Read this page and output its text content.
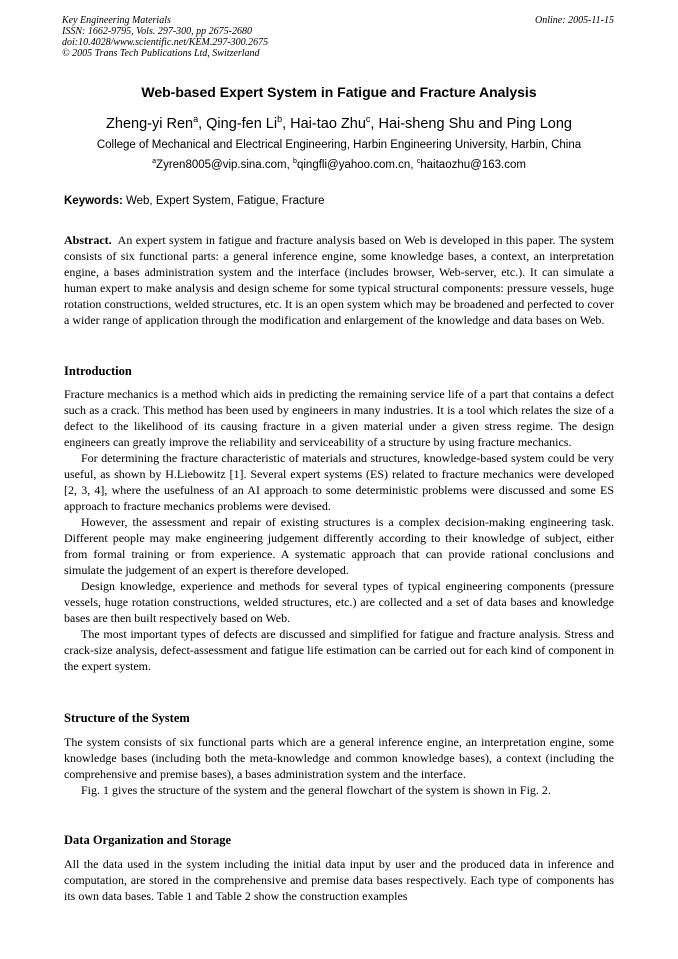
Key Engineering Materials
ISSN: 1662-9795, Vols. 297-300, pp 2675-2680
doi:10.4028/www.scientific.net/KEM.297-300.2675
© 2005 Trans Tech Publications Ltd, Switzerland
Online: 2005-11-15
Web-based Expert System in Fatigue and Fracture Analysis
Zheng-yi Ren$^a$, Qing-fen Li$^b$, Hai-tao Zhu$^c$, Hai-sheng Shu and Ping Long
College of Mechanical and Electrical Engineering, Harbin Engineering University, Harbin, China
$^a$Zyren8005@vip.sina.com, $^b$qingfli@yahoo.com.cn, $^c$haitaozhu@163.com
Keywords: Web, Expert System, Fatigue, Fracture
Abstract.  An expert system in fatigue and fracture analysis based on Web is developed in this paper. The system consists of six functional parts: a general inference engine, some knowledge bases, a context, an interpretation engine, a bases administration system and the interface (includes browser, Web-server, etc.). It can simulate a human expert to make analysis and design scheme for some typical structural components: pressure vessels, huge rotation constructions, welded structures, etc. It is an open system which may be broadened and perfected to cover a wider range of application through the modification and enlargement of the knowledge and data bases on Web.
Introduction

Fracture mechanics is a method which aids in predicting the remaining service life of a part that contains a defect such as a crack. This method has been used by engineers in many industries. It is a tool which relates the size of a defect to the likelihood of its causing fracture in a given material under a given stress regime. The design engineers can greatly improve the reliability and serviceability of a structure by using fracture mechanics.

For determining the fracture characteristic of materials and structures, knowledge-based system could be very useful, as shown by H.Liebowitz [1]. Several expert systems (ES) related to fracture mechanics were developed [2, 3, 4], where the usefulness of an AI approach to some deterministic problems were discussed and some ES approach to fracture mechanics problems were devised.

However, the assessment and repair of existing structures is a complex decision-making engineering task. Different people may make engineering judgement differently according to their knowledge of subject, either from formal training or from experience. A systematic approach that can provide rational conclusions and simulate the judgement of an expert is therefore developed.

Design knowledge, experience and methods for several types of typical engineering components (pressure vessels, huge rotation constructions, welded structures, etc.) are collected and a set of data bases and knowledge bases are then built respectively based on Web.

The most important types of defects are discussed and simplified for fatigue and fracture analysis. Stress and crack-size analysis, defect-assessment and fatigue life estimation can be carried out for each kind of component in the expert system.

Structure of the System

The system consists of six functional parts which are a general inference engine, an interpretation engine, some knowledge bases (including both the meta-knowledge and common knowledge bases), a context (including the comprehensive and premise bases), a bases administration system and the interface.

Fig. 1 gives the structure of the system and the general flowchart of the system is shown in Fig. 2.

Data Organization and Storage

All the data used in the system including the initial data input by user and the produced data in inference and computation, are stored in the comprehensive and premise data bases respectively. Each type of components has its own data bases. Table 1 and Table 2 show the construction examples
